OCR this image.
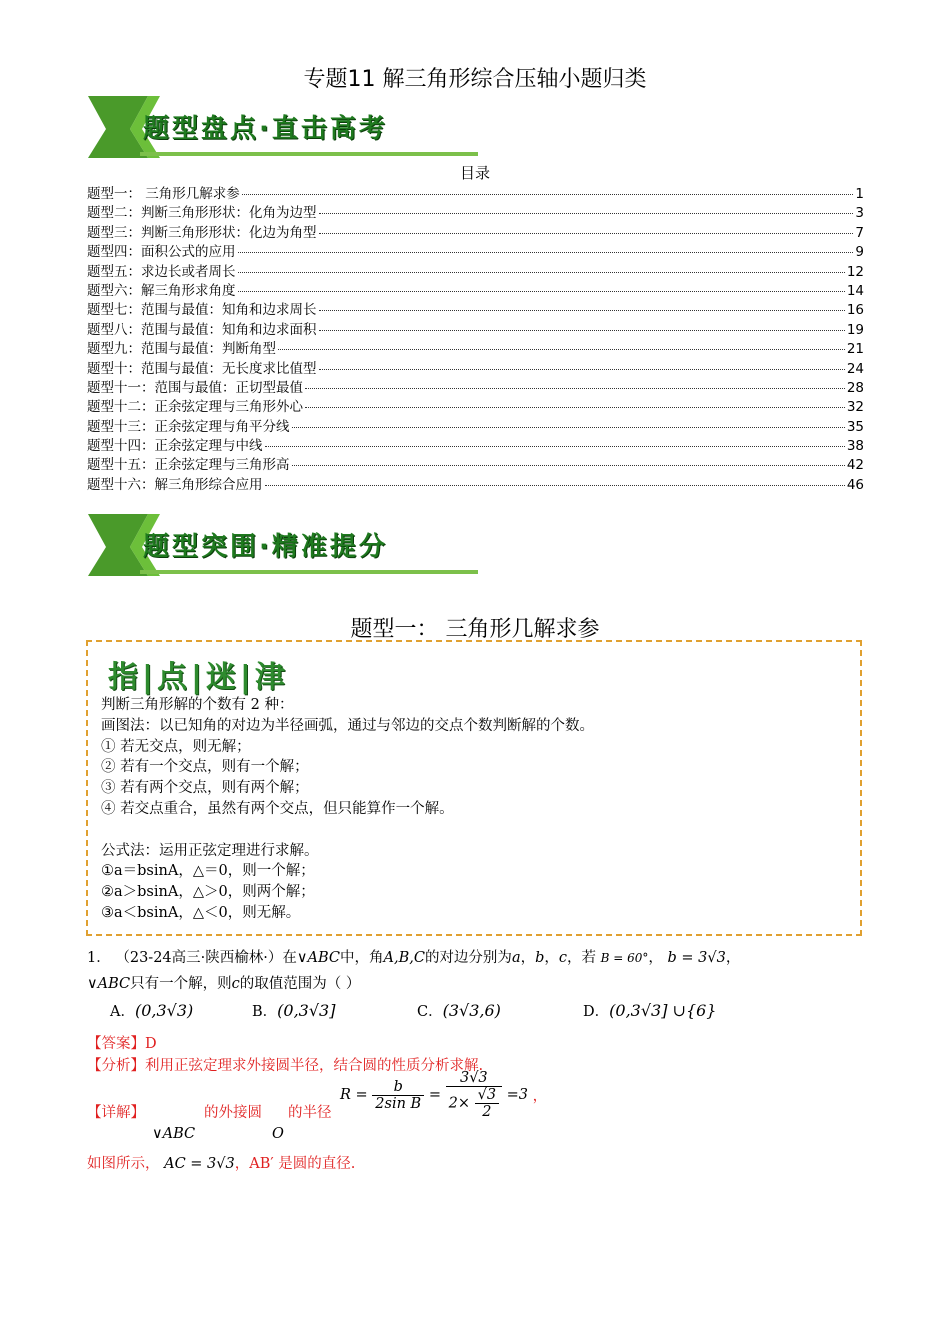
专题11 解三角形综合压轴小题归类
题型盘点·直击高考
目录
题型一： 三角形几解求参	1
题型二：判断三角形形状：化角为边型	3
题型三：判断三角形形状：化边为角型	7
题型四：面积公式的应用	9
题型五：求边长或者周长	12
题型六：解三角形求角度	14
题型七：范围与最值：知角和边求周长	16
题型八：范围与最值：知角和边求面积	19
题型九：范围与最值：判断角型	21
题型十：范围与最值：无长度求比值型	24
题型十一：范围与最值：正切型最值	28
题型十二：正余弦定理与三角形外心	32
题型十三：正余弦定理与角平分线	35
题型十四：正余弦定理与中线	38
题型十五：正余弦定理与三角形高	42
题型十六：解三角形综合应用	46
题型突围·精准提分
题型一： 三角形几解求参
指|点|迷|津
判断三角形解的个数有 2 种：
画图法：以已知角的对边为半径画弧，通过与邻边的交点个数判断解的个数。
① 若无交点，则无解；
② 若有一个交点，则有一个解；
③ 若有两个交点，则有两个解；
④ 若交点重合，虽然有两个交点，但只能算作一个解。
公式法：运用正弦定理进行求解。
①a＝bsinA，△＝0，则一个解；
②a＞bsinA，△＞0，则两个解；
③a＜bsinA，△＜0，则无解。
1． （23-24高三·陕西榆林·）在∨ABC中，角A,B,C的对边分别为a，b，c，若 B = 60°， b = 3√3，
∨ABC只有一个解，则c的取值范围为（ ）
A．(0,3√3)	B．(0,3√3]	C．(3√3,6)	D．(0,3√3] ∪{6}
【答案】D
【分析】利用正弦定理求外接圆半径，结合圆的性质分析求解.
【详解】	的外接圆 的半径
∨ABC	O
$R = \frac{b}{\text{2sin B}} = \frac{3√3}{2\times \frac{√3}{2}} =3$ ，
如图所示， AC = 3√3，AB′ 是圆的直径.
